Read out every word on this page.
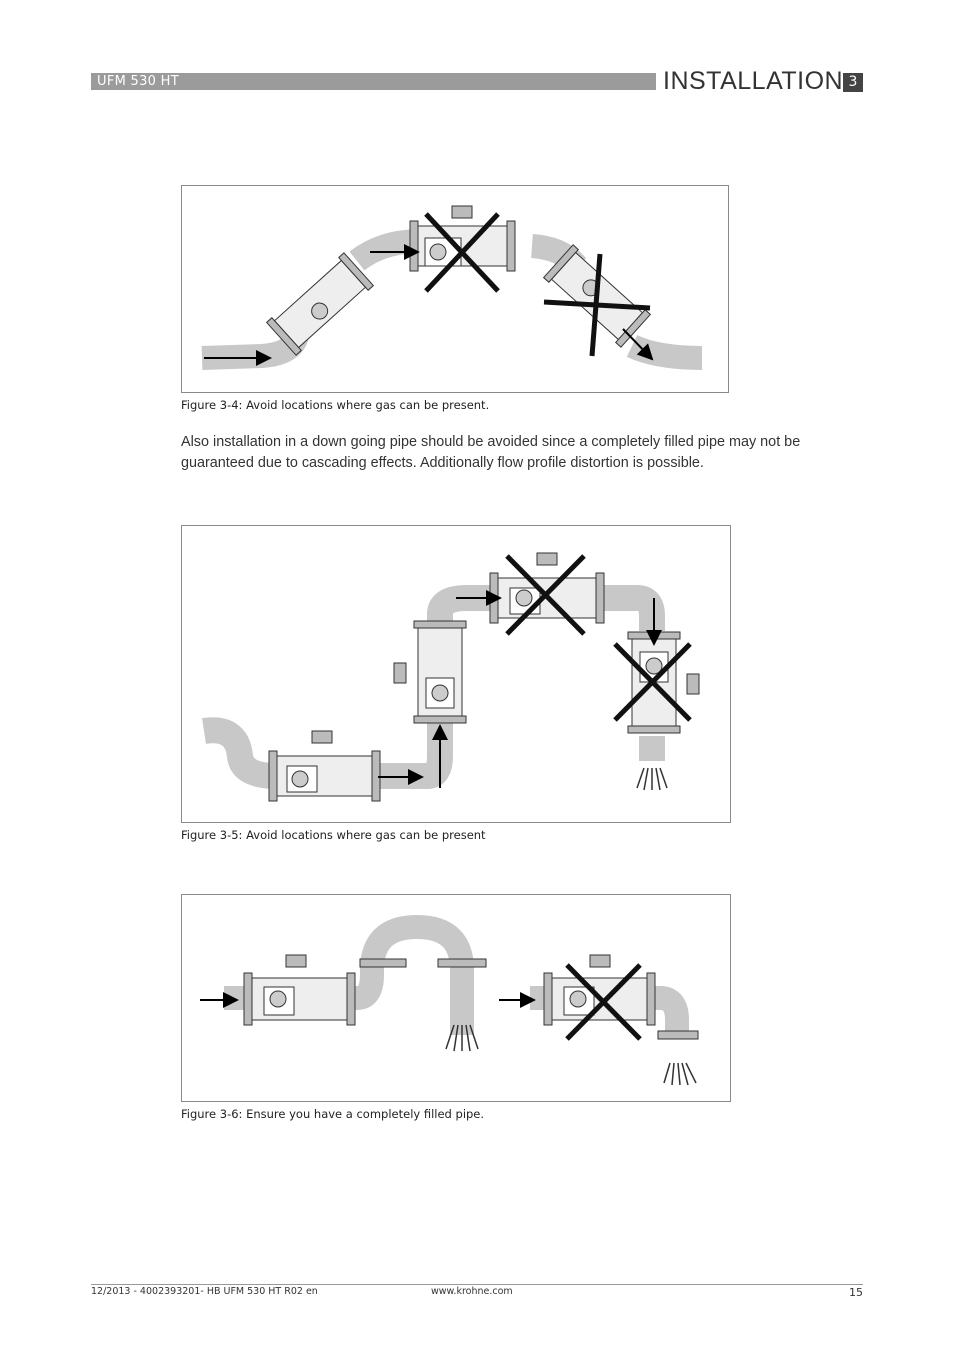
UFM 530 HT	INSTALLATION 3
Figure 3-4: Avoid locations where gas can be present.
Also installation in a down going pipe should be avoided since a completely filled pipe may not be guaranteed due to cascading effects. Additionally flow profile distortion is possible.
Figure 3-5: Avoid locations where gas can be present
Figure 3-6: Ensure you have a completely filled pipe.
12/2013 - 4002393201- HB UFM 530 HT R02 en	www.krohne.com	15
